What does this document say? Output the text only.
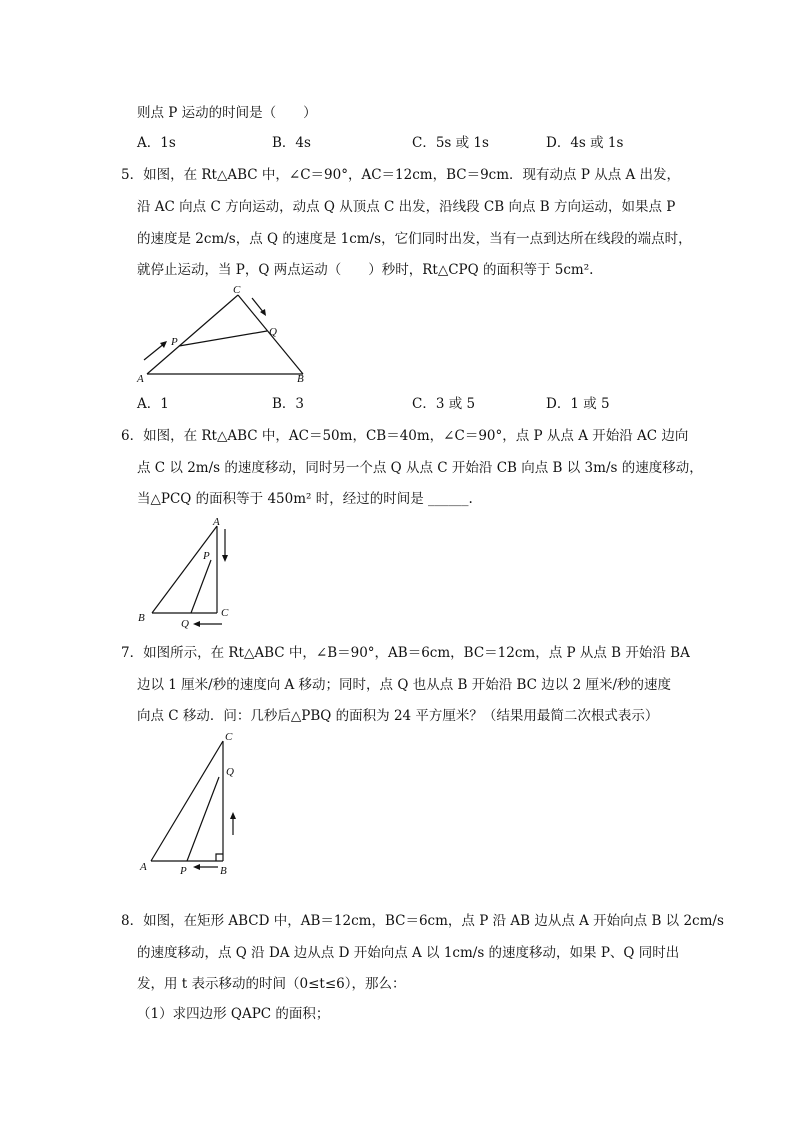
则点 P 运动的时间是（　　）
A．1s	B．4s	C．5s 或 1s	D．4s 或 1s
5．如图，在 Rt△ABC 中，∠C＝90°，AC＝12cm，BC＝9cm．现有动点 P 从点 A 出发，
沿 AC 向点 C 方向运动，动点 Q 从顶点 C 出发，沿线段 CB 向点 B 方向运动，如果点 P
的速度是 2cm/s，点 Q 的速度是 1cm/s，它们同时出发，当有一点到达所在线段的端点时，
就停止运动，当 P，Q 两点运动（　　）秒时，Rt△CPQ 的面积等于 5cm².
A	B
C
P
Q
A．1	B．3	C．3 或 5	D．1 或 5
6．如图，在 Rt△ABC 中，AC＝50m，CB＝40m，∠C＝90°，点 P 从点 A 开始沿 AC 边向
点 C 以 2m/s 的速度移动，同时另一个点 Q 从点 C 开始沿 CB 向点 B 以 3m/s 的速度移动，
当△PCQ 的面积等于 450m² 时，经过的时间是 ______.
A
B	C
P
Q
7．如图所示，在 Rt△ABC 中，∠B＝90°，AB＝6cm，BC＝12cm，点 P 从点 B 开始沿 BA
边以 1 厘米/秒的速度向 A 移动；同时，点 Q 也从点 B 开始沿 BC 边以 2 厘米/秒的速度
向点 C 移动．问：几秒后△PBQ 的面积为 24 平方厘米？（结果用最简二次根式表示）
C
Q
A	P	B
8．如图，在矩形 ABCD 中，AB＝12cm，BC＝6cm，点 P 沿 AB 边从点 A 开始向点 B 以 2cm/s
的速度移动，点 Q 沿 DA 边从点 D 开始向点 A 以 1cm/s 的速度移动，如果 P、Q 同时出
发，用 t 表示移动的时间（0≤t≤6），那么：
（1）求四边形 QAPC 的面积；
